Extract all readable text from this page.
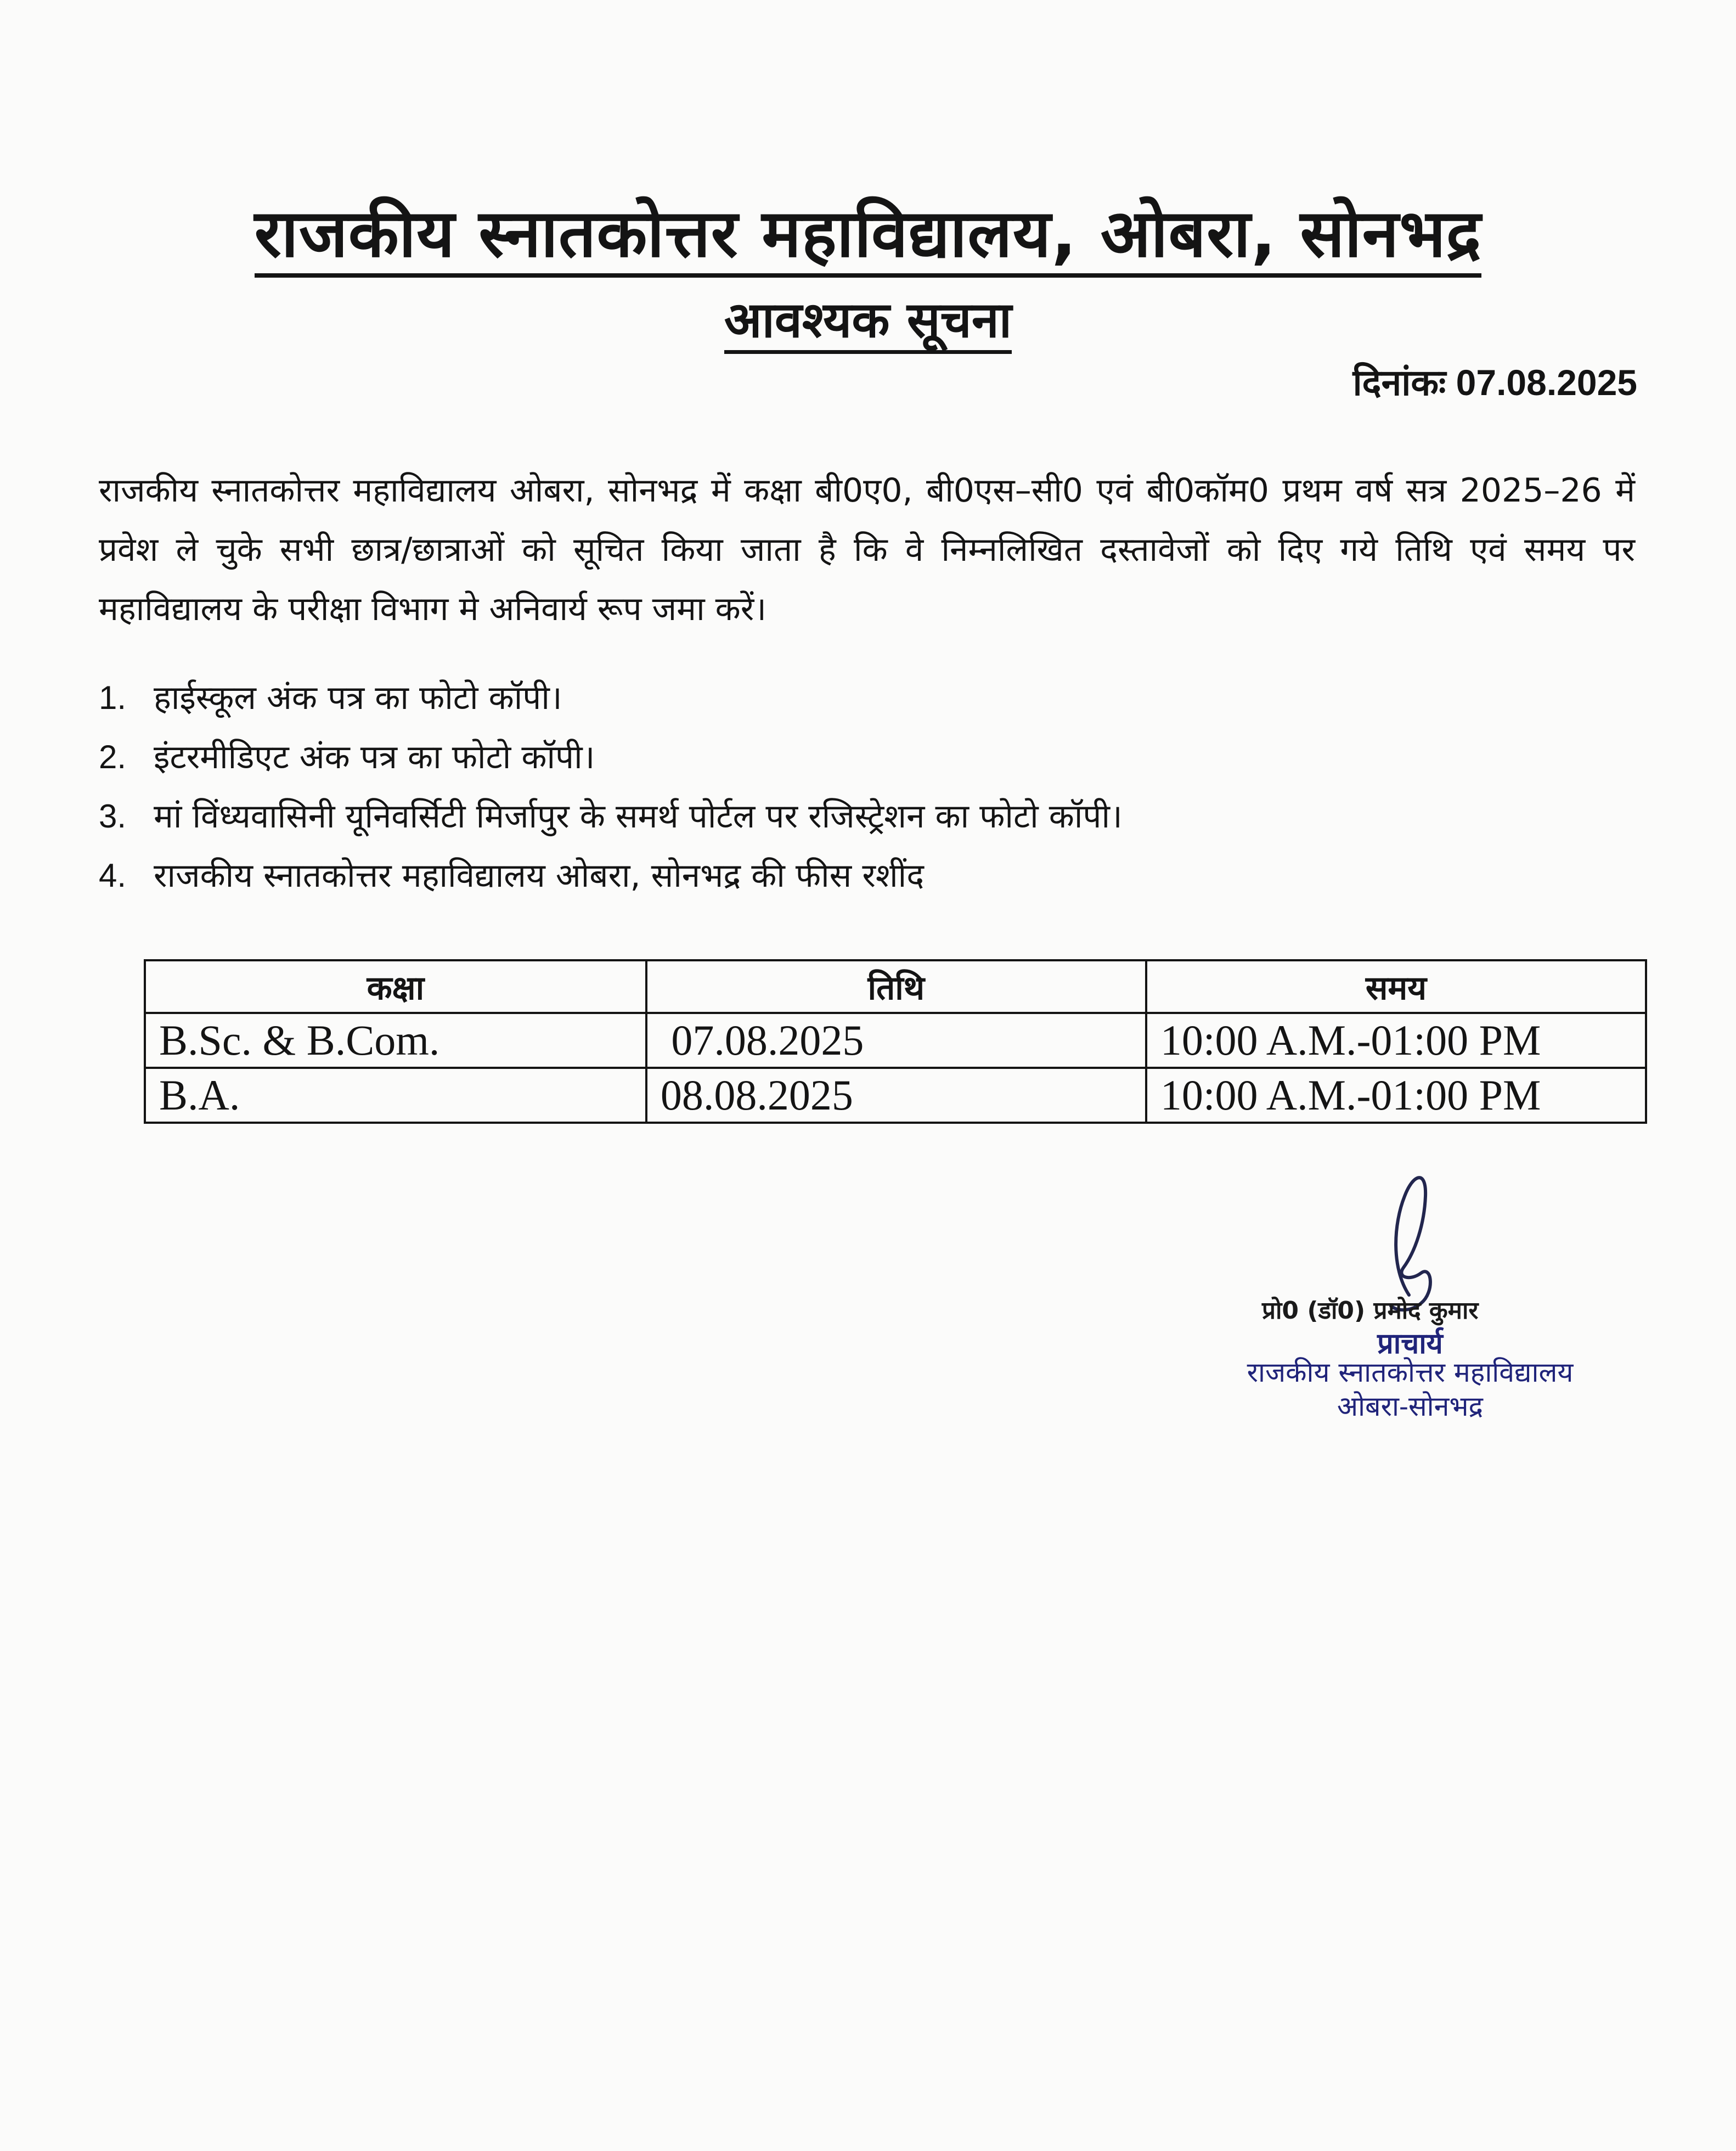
राजकीय स्नातकोत्तर महाविद्यालय, ओबरा, सोनभद्र
आवश्यक सूचना
दिनांकः 07.08.2025
राजकीय स्नातकोत्तर महाविद्यालय ओबरा, सोनभद्र में कक्षा बी0ए0, बी0एस–सी0 एवं बी0कॉम0 प्रथम वर्ष सत्र 2025–26 में प्रवेश ले चुके सभी छात्र/छात्राओं को सूचित किया जाता है कि वे निम्नलिखित दस्तावेजों को दिए गये तिथि एवं समय पर महाविद्यालय के परीक्षा विभाग मे अनिवार्य रूप जमा करें।
1. हाईस्कूल अंक पत्र का फोटो कॉपी।
2. इंटरमीडिएट अंक पत्र का फोटो कॉपी।
3. मां विंध्यवासिनी यूनिवर्सिटी मिर्जापुर के समर्थ पोर्टल पर रजिस्ट्रेशन का फोटो कॉपी।
4. राजकीय स्नातकोत्तर महाविद्यालय ओबरा, सोनभद्र की फीस रशींद
कक्षा	तिथि	समय
B.Sc. & B.Com.	07.08.2025	10:00 A.M.-01:00 PM
B.A.	08.08.2025	10:00 A.M.-01:00 PM
प्रो0 (डॉ0) प्रमोद कुमार
प्राचार्य
राजकीय स्नातकोत्तर महाविद्यालय
ओबरा-सोनभद्र
